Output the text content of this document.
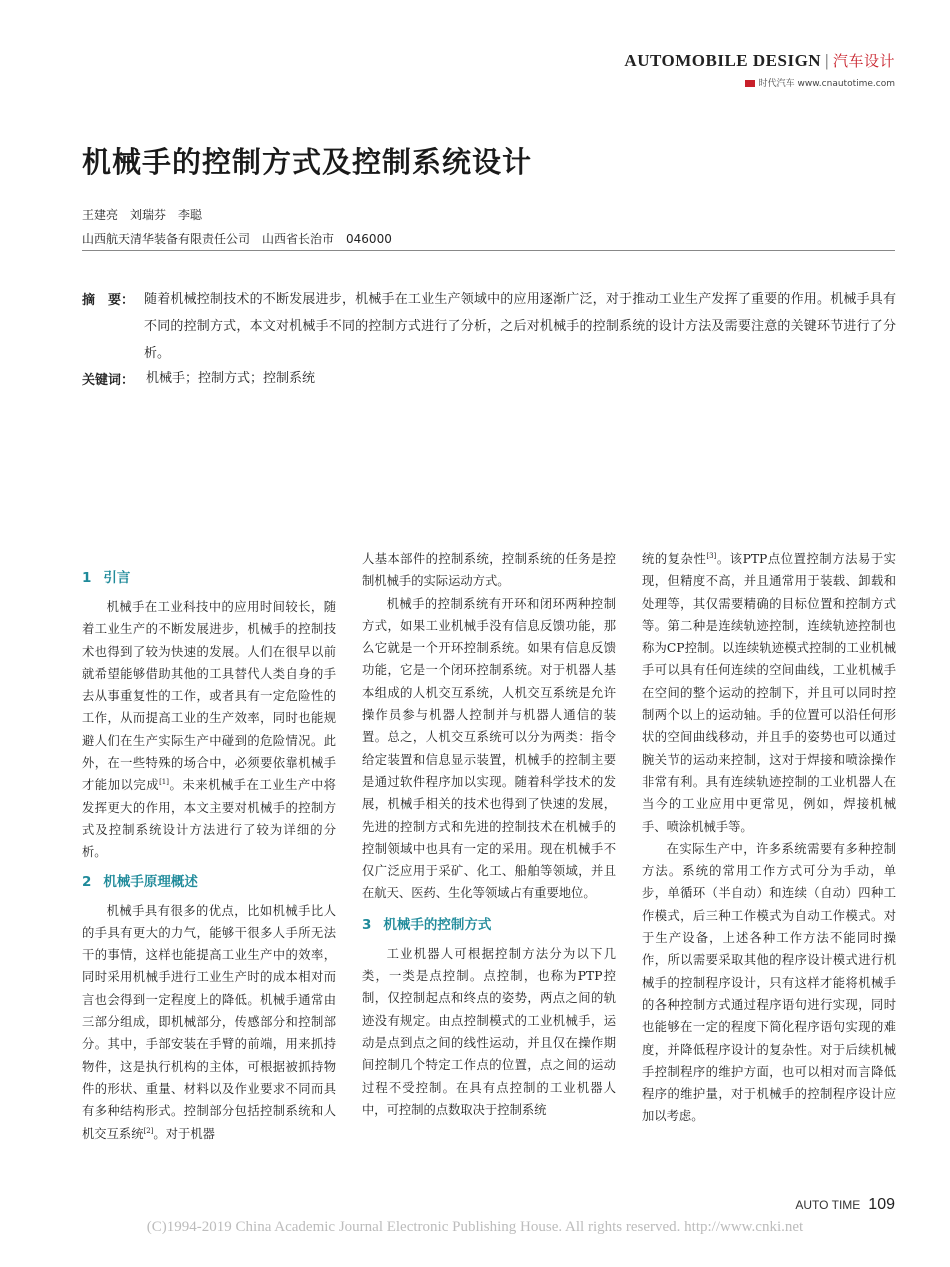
AUTOMOBILE DESIGN | 汽车设计
时代汽车 www.cnautotime.com
机械手的控制方式及控制系统设计
王建亮 刘瑞芬 李聪
山西航天清华装备有限责任公司 山西省长治市 046000
摘　要： 随着机械控制技术的不断发展进步，机械手在工业生产领域中的应用逐渐广泛，对于推动工业生产发挥了重要的作用。机械手具有不同的控制方式，本文对机械手不同的控制方式进行了分析，之后对机械手的控制系统的设计方法及需要注意的关键环节进行了分析。
关键词： 机械手；控制方式；控制系统
1 引言

机械手在工业科技中的应用时间较长，随着工业生产的不断发展进步，机械手的控制技术也得到了较为快速的发展。人们在很早以前就希望能够借助其他的工具替代人类自身的手去从事重复性的工作，或者具有一定危险性的工作，从而提高工业的生产效率，同时也能规避人们在生产实际生产中碰到的危险情况。此外，在一些特殊的场合中，必须要依靠机械手才能加以完成[1]。未来机械手在工业生产中将发挥更大的作用，本文主要对机械手的控制方式及控制系统设计方法进行了较为详细的分析。

2 机械手原理概述

机械手具有很多的优点，比如机械手比人的手具有更大的力气，能够干很多人手所无法干的事情，这样也能提高工业生产中的效率，同时采用机械手进行工业生产时的成本相对而言也会得到一定程度上的降低。机械手通常由三部分组成，即机械部分，传感部分和控制部分。其中，手部安装在手臂的前端，用来抓持物件，这是执行机构的主体，可根据被抓持物件的形状、重量、材料以及作业要求不同而具有多种结构形式。控制部分包括控制系统和人机交互系统[2]。对于机器

人基本部件的控制系统，控制系统的任务是控制机械手的实际运动方式。

机械手的控制系统有开环和闭环两种控制方式，如果工业机械手没有信息反馈功能，那么它就是一个开环控制系统。如果有信息反馈功能，它是一个闭环控制系统。对于机器人基本组成的人机交互系统，人机交互系统是允许操作员参与机器人控制并与机器人通信的装置。总之，人机交互系统可以分为两类：指令给定装置和信息显示装置，机械手的控制主要是通过软件程序加以实现。随着科学技术的发展，机械手相关的技术也得到了快速的发展，先进的控制方式和先进的控制技术在机械手的控制领域中也具有一定的采用。现在机械手不仅广泛应用于采矿、化工、船舶等领域，并且在航天、医药、生化等领域占有重要地位。

3 机械手的控制方式

工业机器人可根据控制方法分为以下几类，一类是点控制。点控制，也称为PTP控制，仅控制起点和终点的姿势，两点之间的轨迹没有规定。由点控制模式的工业机械手，运动是点到点之间的线性运动，并且仅在操作期间控制几个特定工作点的位置，点之间的运动过程不受控制。在具有点控制的工业机器人中，可控制的点数取决于控制系统

统的复杂性[3]。该PTP点位置控制方法易于实现，但精度不高，并且通常用于装载、卸载和处理等，其仅需要精确的目标位置和控制方式等。第二种是连续轨迹控制，连续轨迹控制也称为CP控制。以连续轨迹模式控制的工业机械手可以具有任何连续的空间曲线，工业机械手在空间的整个运动的控制下，并且可以同时控制两个以上的运动轴。手的位置可以沿任何形状的空间曲线移动，并且手的姿势也可以通过腕关节的运动来控制，这对于焊接和喷涂操作非常有利。具有连续轨迹控制的工业机器人在当今的工业应用中更常见，例如，焊接机械手、喷涂机械手等。

在实际生产中，许多系统需要有多种控制方法。系统的常用工作方式可分为手动，单步，单循环（半自动）和连续（自动）四种工作模式，后三种工作模式为自动工作模式。对于生产设备，上述各种工作方法不能同时操作，所以需要采取其他的程序设计模式进行机械手的控制程序设计，只有这样才能将机械手的各种控制方式通过程序语句进行实现，同时也能够在一定的程度下简化程序语句实现的难度，并降低程序设计的复杂性。对于后续机械手控制程序的维护方面，也可以相对而言降低程序的维护量，对于机械手的控制程序设计应加以考虑。

AUTO TIME 109
(C)1994-2019 China Academic Journal Electronic Publishing House. All rights reserved. http://www.cnki.net
